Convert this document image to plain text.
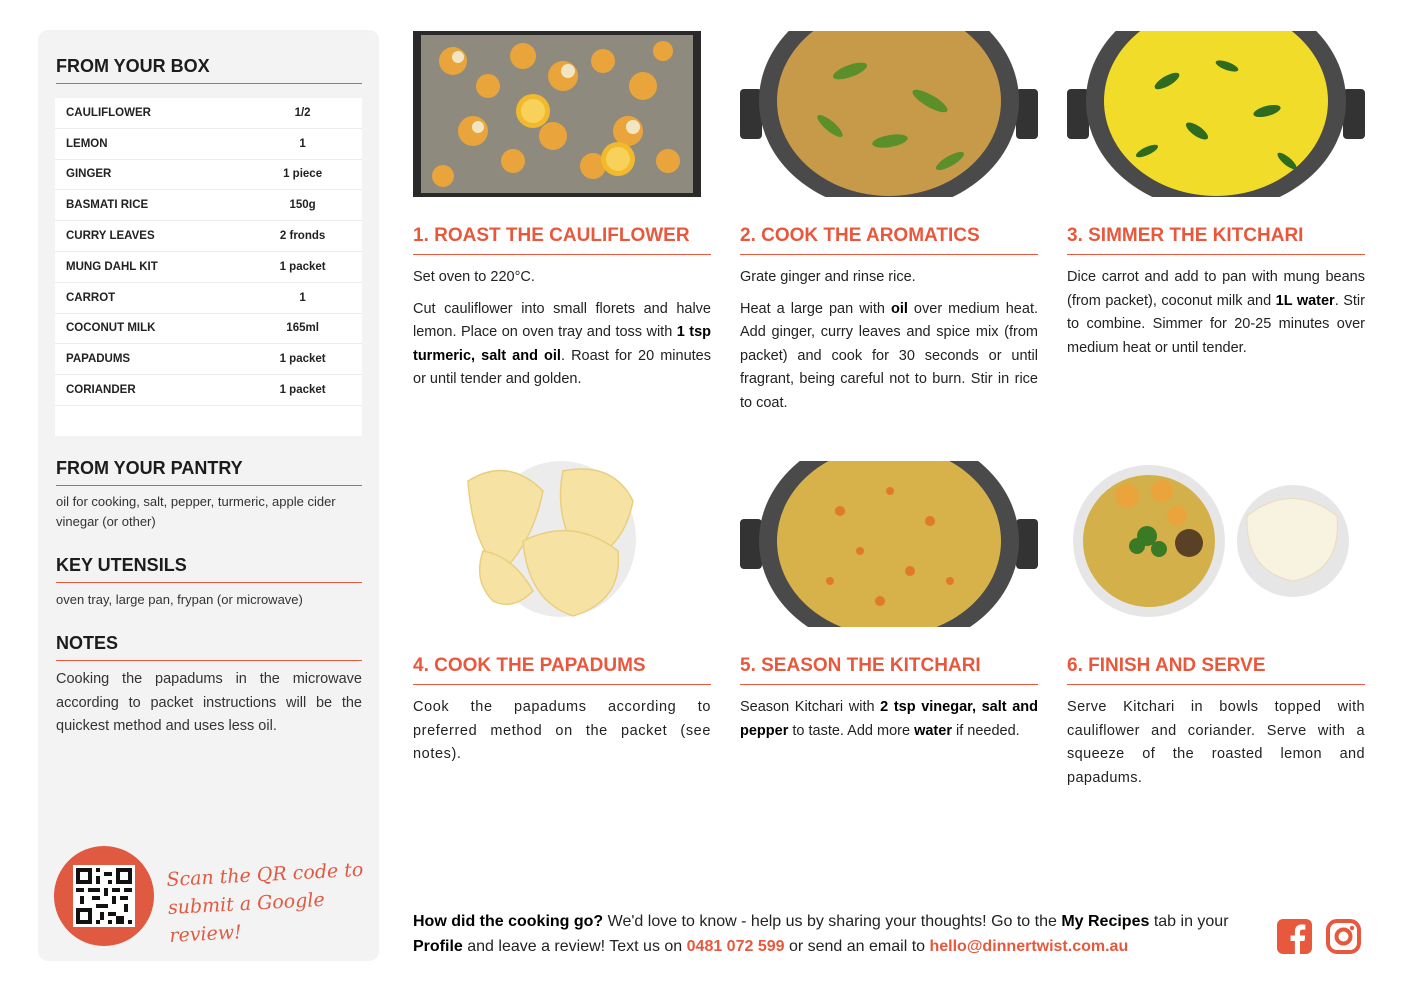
FROM YOUR BOX
CAULIFLOWER	1/2
LEMON	1
GINGER	1 piece
BASMATI RICE	150g
CURRY LEAVES	2 fronds
MUNG DAHL KIT	1 packet
CARROT	1
COCONUT MILK	165ml
PAPADUMS	1 packet
CORIANDER	1 packet
FROM YOUR PANTRY
oil for cooking, salt, pepper, turmeric, apple cider vinegar (or other)
KEY UTENSILS
oven tray, large pan, frypan (or microwave)
NOTES
Cooking the papadums in the microwave according to packet instructions will be the quickest method and uses less oil.
Scan the QR code to
submit a Google review!
1. ROAST THE CAULIFLOWER

Set oven to 220°C.

Cut cauliflower into small florets and halve lemon. Place on oven tray and toss with 1 tsp turmeric, salt and oil. Roast for 20 minutes or until tender and golden.

2. COOK THE AROMATICS

Grate ginger and rinse rice.

Heat a large pan with oil over medium heat. Add ginger, curry leaves and spice mix (from packet) and cook for 30 seconds or until fragrant, being careful not to burn. Stir in rice to coat.

3. SIMMER THE KITCHARI

Dice carrot and add to pan with mung beans (from packet), coconut milk and 1L water. Stir to combine. Simmer for 20-25 minutes over medium heat or until tender.

4. COOK THE PAPADUMS

Cook the papadums according to preferred method on the packet (see notes).

5. SEASON THE KITCHARI

Season Kitchari with 2 tsp vinegar, salt and pepper to taste. Add more water if needed.

6. FINISH AND SERVE

Serve Kitchari in bowls topped with cauliflower and coriander. Serve with a squeeze of the roasted lemon and papadums.

How did the cooking go? We'd love to know - help us by sharing your thoughts! Go to the My Recipes tab in your Profile and leave a review! Text us on 0481 072 599 or send an email to hello@dinnertwist.com.au
